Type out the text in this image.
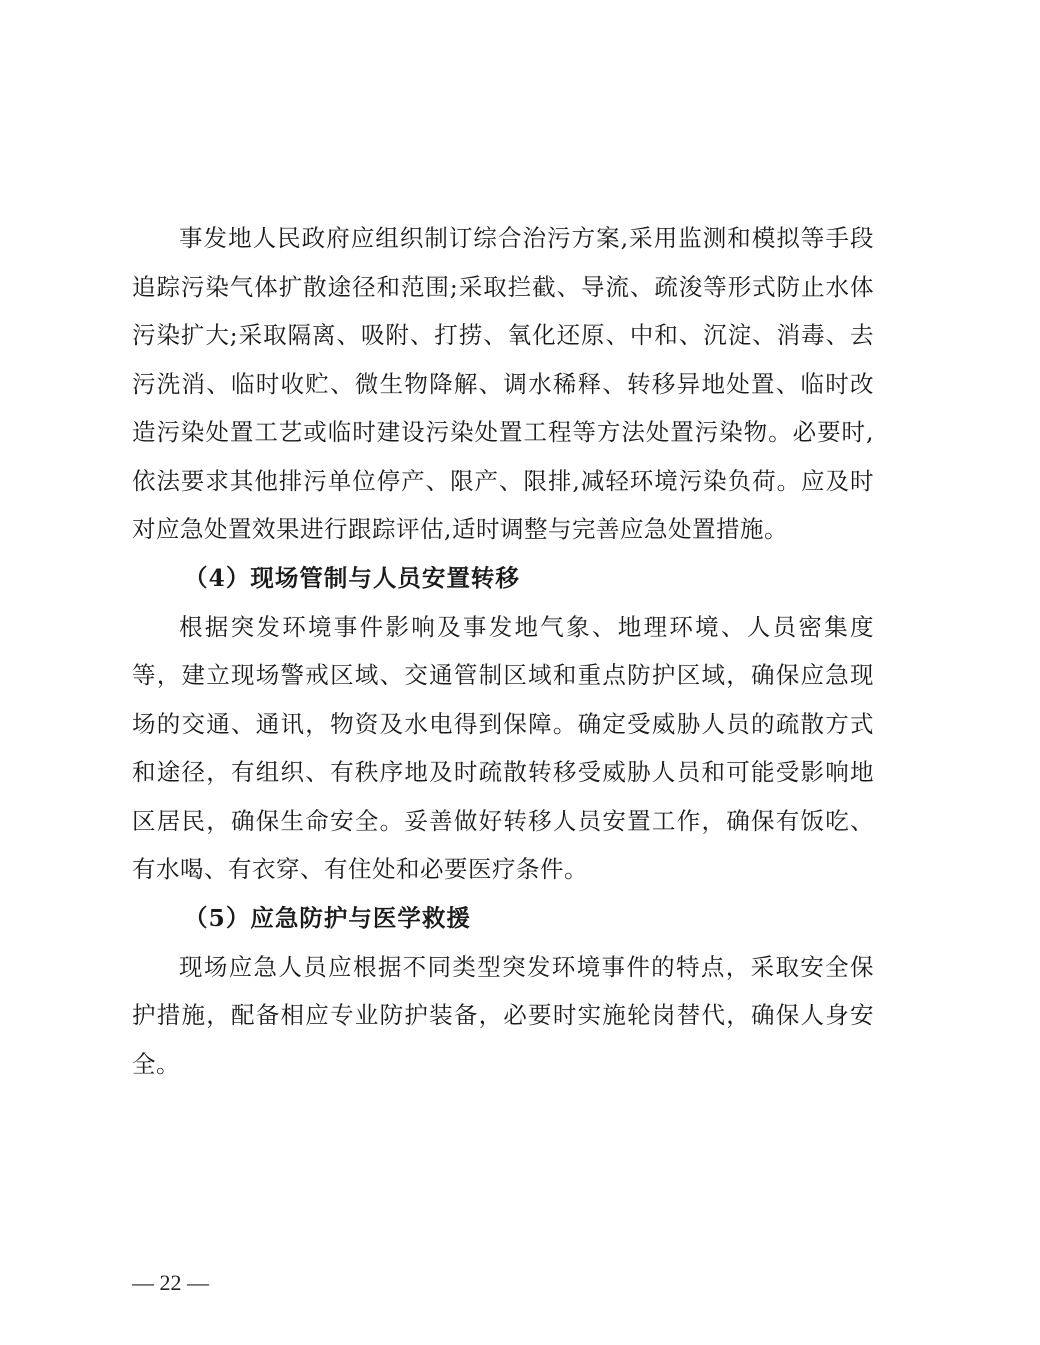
事发地人民政府应组织制订综合治污方案,采用监测和模拟等手段追踪污染气体扩散途径和范围;采取拦截、导流、疏浚等形式防止水体污染扩大;采取隔离、吸附、打捞、氧化还原、中和、沉淀、消毒、去污洗消、临时收贮、微生物降解、调水稀释、转移异地处置、临时改造污染处置工艺或临时建设污染处置工程等方法处置污染物。必要时,依法要求其他排污单位停产、限产、限排,减轻环境污染负荷。应及时对应急处置效果进行跟踪评估,适时调整与完善应急处置措施。

（4）现场管制与人员安置转移

根据突发环境事件影响及事发地气象、地理环境、人员密集度等，建立现场警戒区域、交通管制区域和重点防护区域，确保应急现场的交通、通讯，物资及水电得到保障。确定受威胁人员的疏散方式和途径，有组织、有秩序地及时疏散转移受威胁人员和可能受影响地区居民，确保生命安全。妥善做好转移人员安置工作，确保有饭吃、有水喝、有衣穿、有住处和必要医疗条件。

（5）应急防护与医学救援

现场应急人员应根据不同类型突发环境事件的特点，采取安全保护措施，配备相应专业防护装备，必要时实施轮岗替代，确保人身安全。

— 22 —
